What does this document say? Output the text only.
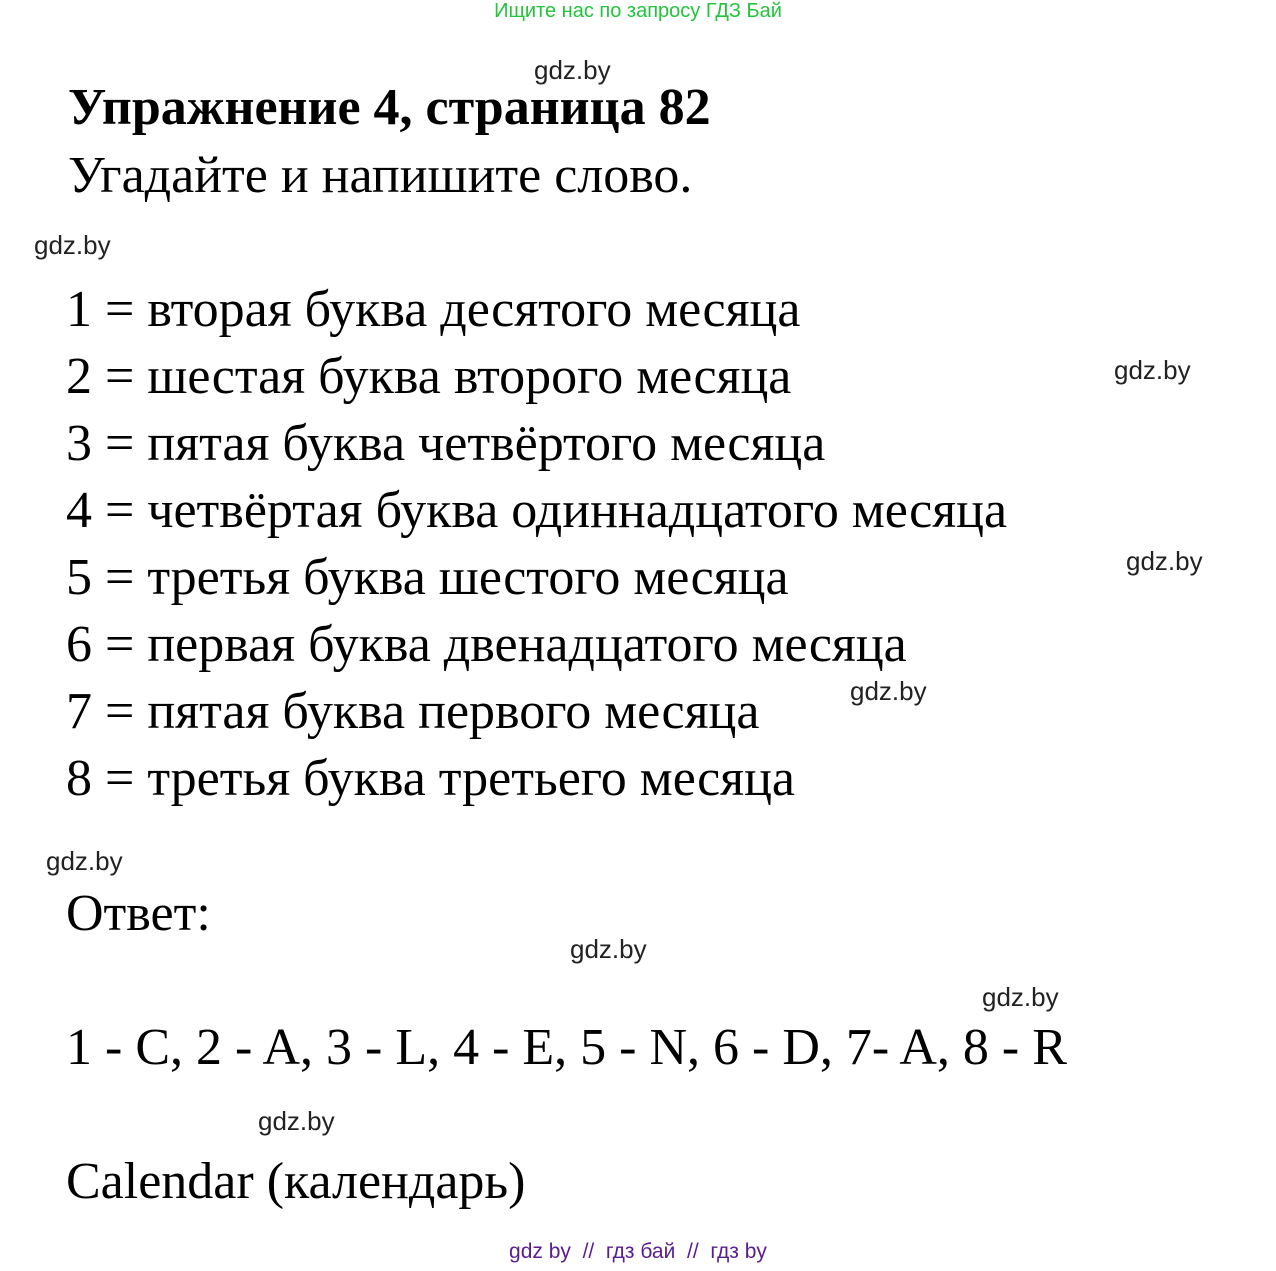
Ищите нас по запросу ГДЗ Бай
gdz.by
Упражнение 4, страница 82
Угадайте и напишите слово.
gdz.by
1 = вторая буква десятого месяца
2 = шестая буква второго месяца	gdz.by
3 = пятая буква четвёртого месяца
4 = четвёртая буква одиннадцатого месяца
5 = третья буква шестого месяца	gdz.by
6 = первая буква двенадцатого месяца
7 = пятая буква первого месяца	gdz.by
8 = третья буква третьего месяца
gdz.by
Ответ:
gdz.by
gdz.by
1 - C, 2 - A, 3 - L, 4 - E, 5 - N, 6 - D, 7- A, 8 - R
gdz.by
Calendar (календарь)
gdz by  //  гдз бай  //  гдз by
